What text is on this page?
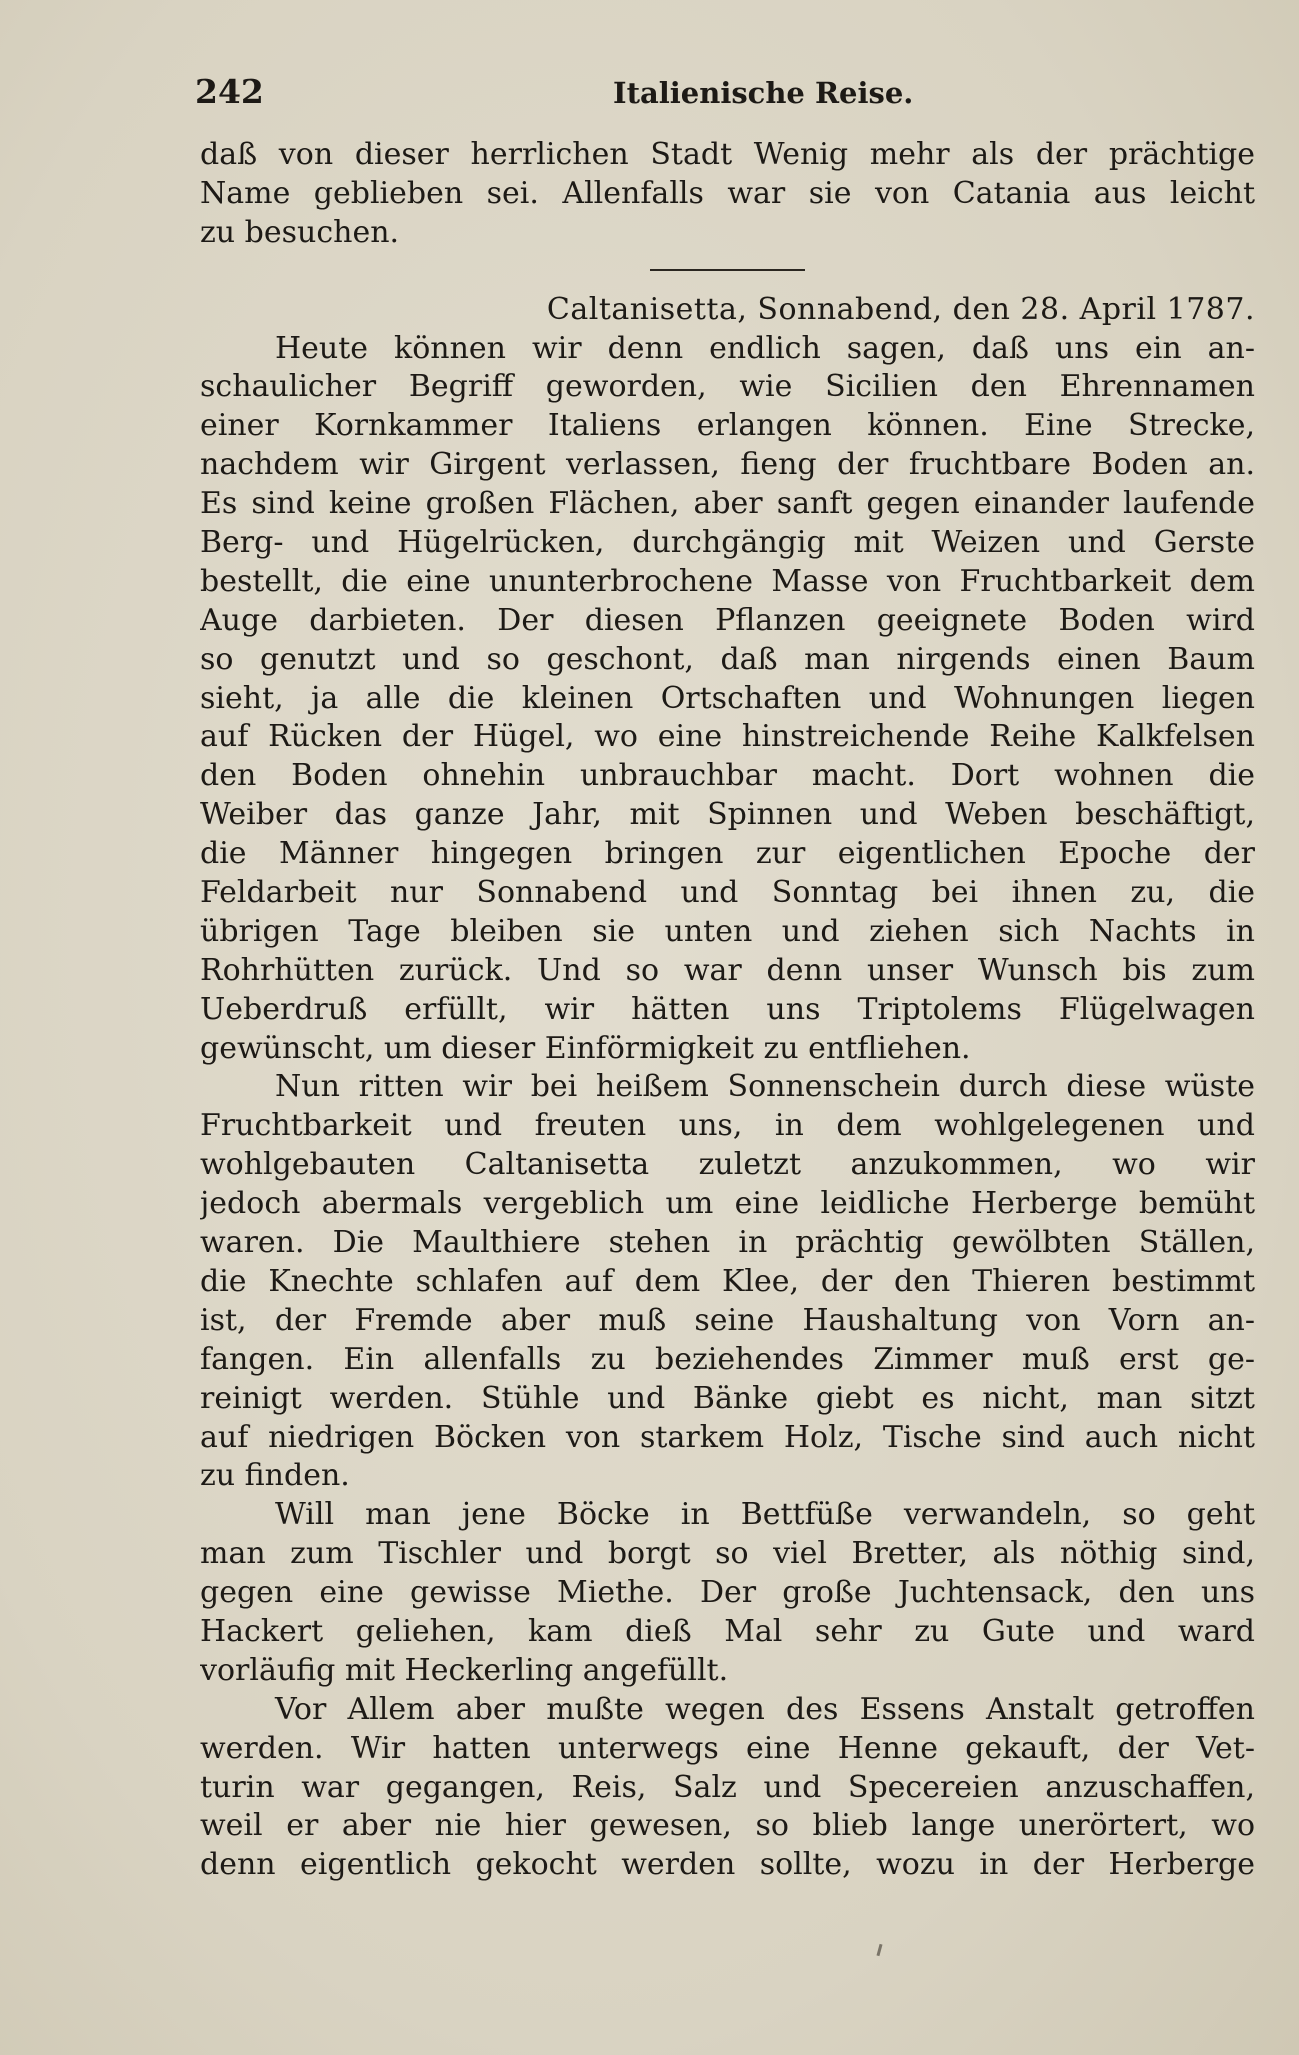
242	Italienische Reise.
daß von dieser herrlichen Stadt Wenig mehr als der prächtige
Name geblieben sei. Allenfalls war sie von Catania aus leicht
zu besuchen.
Caltanisetta, Sonnabend, den 28. April 1787.
Heute können wir denn endlich sagen, daß uns ein an-
schaulicher Begriff geworden, wie Sicilien den Ehrennamen
einer Kornkammer Italiens erlangen können. Eine Strecke,
nachdem wir Girgent verlassen, fieng der fruchtbare Boden an.
Es sind keine großen Flächen, aber sanft gegen einander laufende
Berg- und Hügelrücken, durchgängig mit Weizen und Gerste
bestellt, die eine ununterbrochene Masse von Fruchtbarkeit dem
Auge darbieten. Der diesen Pflanzen geeignete Boden wird
so genutzt und so geschont, daß man nirgends einen Baum
sieht, ja alle die kleinen Ortschaften und Wohnungen liegen
auf Rücken der Hügel, wo eine hinstreichende Reihe Kalkfelsen
den Boden ohnehin unbrauchbar macht. Dort wohnen die
Weiber das ganze Jahr, mit Spinnen und Weben beschäftigt,
die Männer hingegen bringen zur eigentlichen Epoche der
Feldarbeit nur Sonnabend und Sonntag bei ihnen zu, die
übrigen Tage bleiben sie unten und ziehen sich Nachts in
Rohrhütten zurück. Und so war denn unser Wunsch bis zum
Ueberdruß erfüllt, wir hätten uns Triptolems Flügelwagen
gewünscht, um dieser Einförmigkeit zu entfliehen.
Nun ritten wir bei heißem Sonnenschein durch diese wüste
Fruchtbarkeit und freuten uns, in dem wohlgelegenen und
wohlgebauten Caltanisetta zuletzt anzukommen, wo wir
jedoch abermals vergeblich um eine leidliche Herberge bemüht
waren. Die Maulthiere stehen in prächtig gewölbten Ställen,
die Knechte schlafen auf dem Klee, der den Thieren bestimmt
ist, der Fremde aber muß seine Haushaltung von Vorn an-
fangen. Ein allenfalls zu beziehendes Zimmer muß erst ge-
reinigt werden. Stühle und Bänke giebt es nicht, man sitzt
auf niedrigen Böcken von starkem Holz, Tische sind auch nicht
zu finden.
Will man jene Böcke in Bettfüße verwandeln, so geht
man zum Tischler und borgt so viel Bretter, als nöthig sind,
gegen eine gewisse Miethe. Der große Juchtensack, den uns
Hackert geliehen, kam dieß Mal sehr zu Gute und ward
vorläufig mit Heckerling angefüllt.
Vor Allem aber mußte wegen des Essens Anstalt getroffen
werden. Wir hatten unterwegs eine Henne gekauft, der Vet-
turin war gegangen, Reis, Salz und Specereien anzuschaffen,
weil er aber nie hier gewesen, so blieb lange unerörtert, wo
denn eigentlich gekocht werden sollte, wozu in der Herberge
